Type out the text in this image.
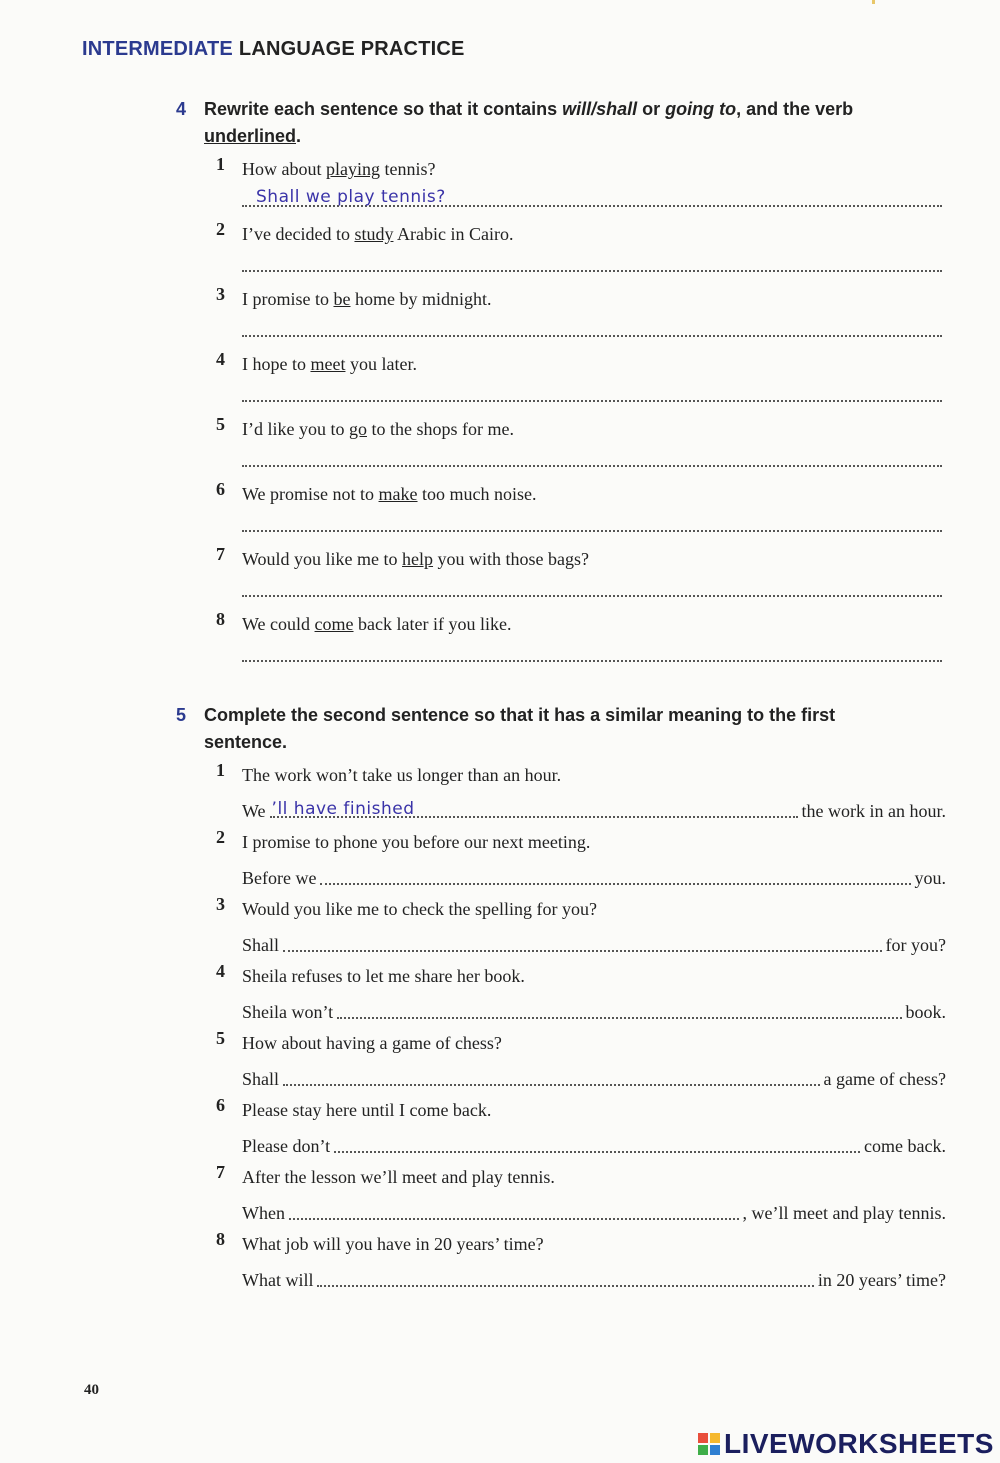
INTERMEDIATE LANGUAGE PRACTICE
4 Rewrite each sentence so that it contains will/shall or going to, and the verb
underlined.
1 How about playing tennis?
Shall we play tennis?
2 I’ve decided to study Arabic in Cairo.
3 I promise to be home by midnight.
4 I hope to meet you later.
5 I’d like you to go to the shops for me.
6 We promise not to make too much noise.
7 Would you like me to help you with those bags?
8 We could come back later if you like.
5 Complete the second sentence so that it has a similar meaning to the first
sentence.
1 The work won’t take us longer than an hour.
We ’ll have finished	the work in an hour.
2 I promise to phone you before our next meeting.
Before we	you.
3 Would you like me to check the spelling for you?
Shall	for you?
4 Sheila refuses to let me share her book.
Sheila won’t	book.
5 How about having a game of chess?
Shall	a game of chess?
6 Please stay here until I come back.
Please don’t	come back.
7 After the lesson we’ll meet and play tennis.
When	, we’ll meet and play tennis.
8 What job will you have in 20 years’ time?
What will	in 20 years’ time?
40
LIVEWORKSHEETS
